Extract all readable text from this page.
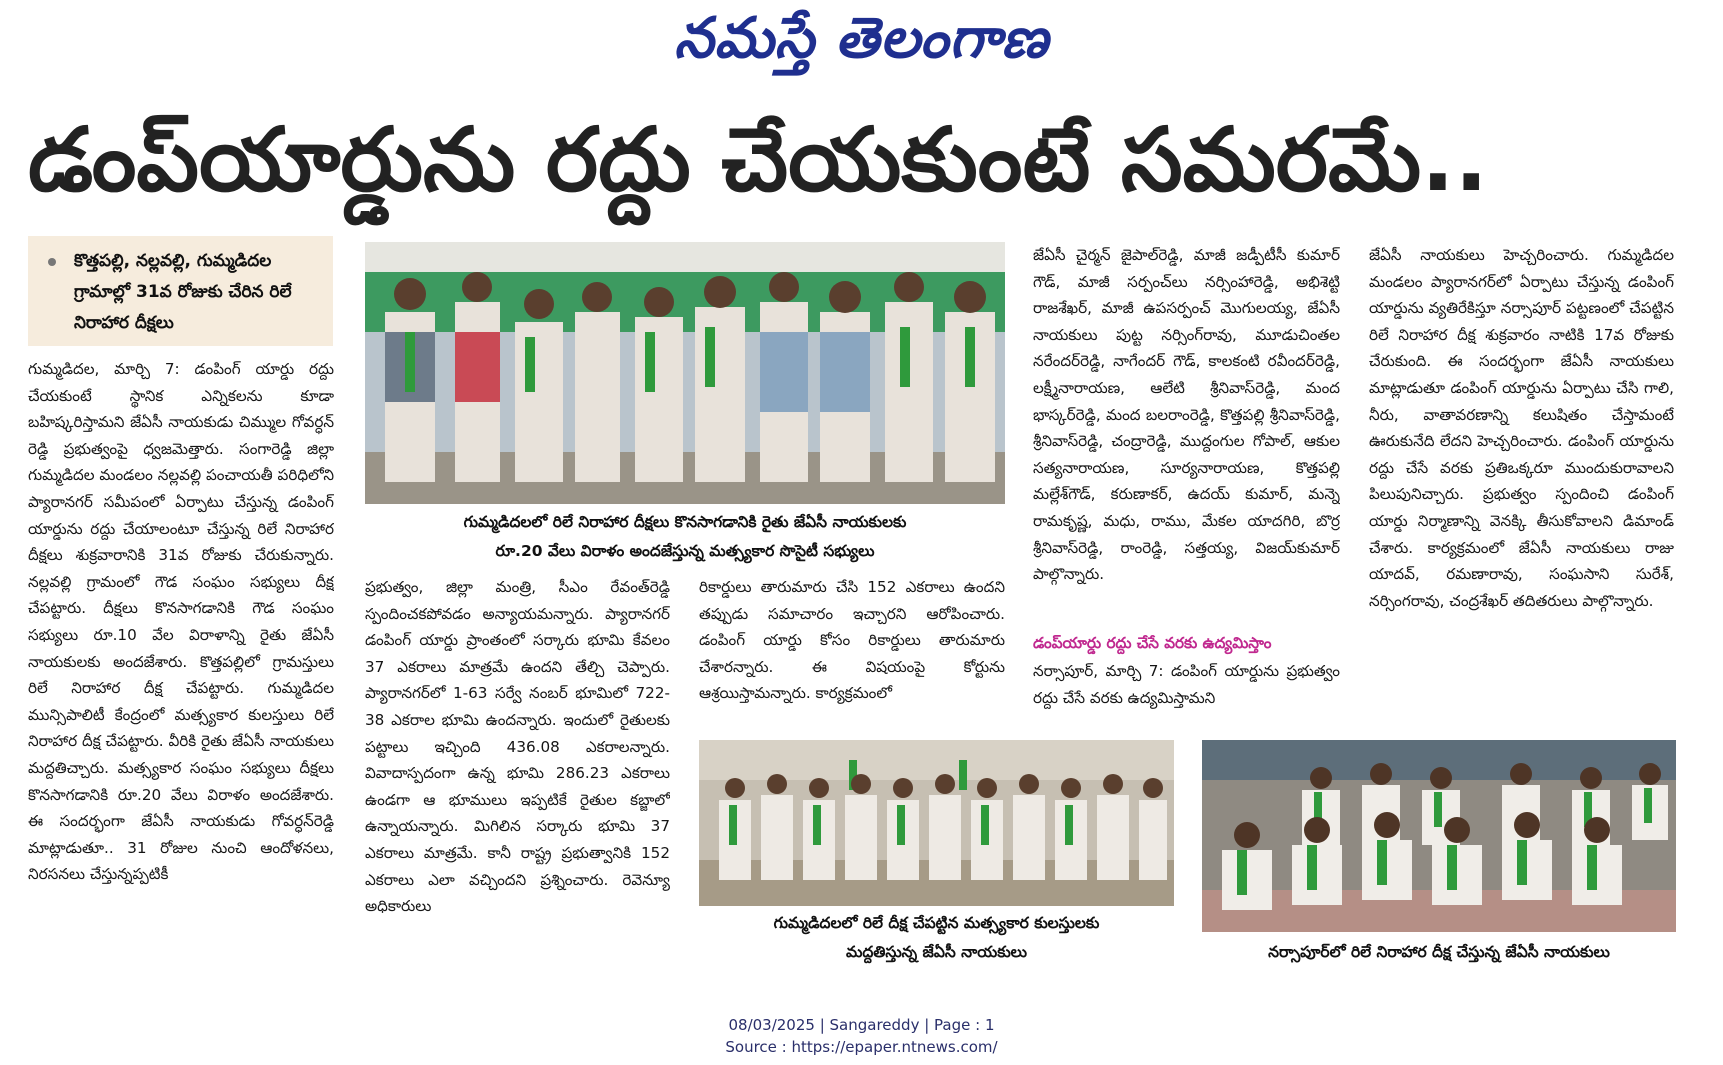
నమస్తే తెలంగాణ
డంప్‌యార్డును రద్దు చేయకుంటే సమరమే..
కొత్తపల్లి, నల్లవల్లి, గుమ్మడిదల గ్రామాల్లో 31వ రోజుకు చేరిన రిలే నిరాహార దీక్షలు

గుమ్మడిదల, మార్చి 7: డంపింగ్ యార్డు రద్దు చేయకుంటే స్థానిక ఎన్నికలను కూడా బహిష్కరిస్తామని జేఏసీ నాయకుడు చిమ్ముల గోవర్ధన్ రెడ్డి ప్రభుత్వంపై ధ్వజమెత్తారు. సంగారెడ్డి జిల్లా గుమ్మడిదల మండలం నల్లవల్లి పంచాయతీ పరిధిలోని ప్యారానగర్ సమీపంలో ఏర్పాటు చేస్తున్న డంపింగ్ యార్డును రద్దు చేయాలంటూ చేస్తున్న రిలే నిరాహార దీక్షలు శుక్రవారానికి 31వ రోజుకు చేరుకున్నారు. నల్లవల్లి గ్రామంలో గౌడ సంఘం సభ్యులు దీక్ష చేపట్టారు. దీక్షలు కొనసాగడానికి గౌడ సంఘం సభ్యులు రూ.10 వేల విరాళాన్ని రైతు జేఏసీ నాయకులకు అందజేశారు. కొత్తపల్లిలో గ్రామస్తులు రిలే నిరాహార దీక్ష చేపట్టారు. గుమ్మడిదల మున్సిపాలిటీ కేంద్రంలో మత్స్యకార కులస్తులు రిలే నిరాహార దీక్ష చేపట్టారు. వీరికి రైతు జేఏసీ నాయకులు మద్దతిచ్చారు. మత్స్యకార సంఘం సభ్యులు దీక్షలు కొనసాగడానికి రూ.20 వేలు విరాళం అందజేశారు. ఈ సందర్భంగా జేఏసీ నాయకుడు గోవర్ధన్‌రెడ్డి మాట్లాడుతూ.. 31 రోజుల నుంచి ఆందోళనలు, నిరసనలు చేస్తున్నప్పటికీ

గుమ్మడిదలలో రిలే నిరాహార దీక్షలు కొనసాగడానికి రైతు జేఏసీ నాయకులకు
రూ.20 వేలు విరాళం అందజేస్తున్న మత్స్యకార సొసైటీ సభ్యులు

ప్రభుత్వం, జిల్లా మంత్రి, సీఎం రేవంత్‌రెడ్డి స్పందించకపోవడం అన్యాయమన్నారు. ప్యారానగర్ డంపింగ్ యార్డు ప్రాంతంలో సర్కారు భూమి కేవలం 37 ఎకరాలు మాత్రమే ఉందని తేల్చి చెప్పారు. ప్యారానగర్‌లో 1-63 సర్వే నంబర్ భూమిలో 722-38 ఎకరాల భూమి ఉందన్నారు. ఇందులో రైతులకు పట్టాలు ఇచ్చింది 436.08 ఎకరాలన్నారు. వివాదాస్పదంగా ఉన్న భూమి 286.23 ఎకరాలు ఉండగా ఆ భూములు ఇప్పటికే రైతుల కబ్జాలో ఉన్నాయన్నారు. మిగిలిన సర్కారు భూమి 37 ఎకరాలు మాత్రమే. కానీ రాష్ట్ర ప్రభుత్వానికి 152 ఎకరాలు ఎలా వచ్చిందని ప్రశ్నించారు. రెవెన్యూ అధికారులు

రికార్డులు తారుమారు చేసి 152 ఎకరాలు ఉందని తప్పుడు సమాచారం ఇచ్చారని ఆరోపించారు. డంపింగ్ యార్డు కోసం రికార్డులు తారుమారు చేశారన్నారు. ఈ విషయంపై కోర్టును ఆశ్రయిస్తామన్నారు. కార్యక్రమంలో

జేఏసీ చైర్మన్ జైపాల్‌రెడ్డి, మాజీ జడ్పీటీసీ కుమార్ గౌడ్, మాజీ సర్పంచ్‌లు నర్సింహారెడ్డి, అభిశెట్టి రాజశేఖర్, మాజీ ఉపసర్పంచ్ మొగులయ్య, జేఏసీ నాయకులు పుట్ట నర్సింగ్‌రావు, మూడుచింతల నరేందర్‌రెడ్డి, నాగేందర్ గౌడ్, కాలకంటి రవీందర్‌రెడ్డి, లక్ష్మీనారాయణ, ఆలేటి శ్రీనివాస్‌రెడ్డి, మంద భాస్కర్‌రెడ్డి, మంద బలరాంరెడ్డి, కొత్తపల్లి శ్రీనివాస్‌రెడ్డి, శ్రీనివాస్‌రెడ్డి, చంద్రారెడ్డి, ముద్దంగుల గోపాల్, ఆకుల సత్యనారాయణ, సూర్యనారాయణ, కొత్తపల్లి మల్లేశ్‌గౌడ్, కరుణాకర్, ఉదయ్ కుమార్, మన్నె రామకృష్ణ, మధు, రాము, మేకల యాదగిరి, బొర్ర శ్రీనివాస్‌రెడ్డి, రాంరెడ్డి, సత్తయ్య, విజయ్‌కుమార్ పాల్గొన్నారు.

డంప్‌యార్డు రద్దు చేసే వరకు ఉద్యమిస్తాం

నర్సాపూర్, మార్చి 7: డంపింగ్ యార్డును ప్రభుత్వం రద్దు చేసే వరకు ఉద్యమిస్తామని

జేఏసీ నాయకులు హెచ్చరించారు. గుమ్మడిదల మండలం ప్యారానగర్‌లో ఏర్పాటు చేస్తున్న డంపింగ్ యార్డును వ్యతిరేకిస్తూ నర్సాపూర్ పట్టణంలో చేపట్టిన రిలే నిరాహార దీక్ష శుక్రవారం నాటికి 17వ రోజుకు చేరుకుంది. ఈ సందర్భంగా జేఏసీ నాయకులు మాట్లాడుతూ డంపింగ్ యార్డును ఏర్పాటు చేసి గాలి, నీరు, వాతావరణాన్ని కలుషితం చేస్తామంటే ఊరుకునేది లేదని హెచ్చరించారు. డంపింగ్ యార్డును రద్దు చేసే వరకు ప్రతిఒక్కరూ ముందుకురావాలని పిలుపునిచ్చారు. ప్రభుత్వం స్పందించి డంపింగ్ యార్డు నిర్మాణాన్ని వెనక్కి తీసుకోవాలని డిమాండ్ చేశారు. కార్యక్రమంలో జేఏసీ నాయకులు రాజు యాదవ్, రమణారావు, సంఘసాని సురేశ్, నర్సింగరావు, చంద్రశేఖర్ తదితరులు పాల్గొన్నారు.

గుమ్మడిదలలో రిలే దీక్ష చేపట్టిన మత్స్యకార కులస్తులకు
మద్దతిస్తున్న జేఏసీ నాయకులు	నర్సాపూర్‌లో రిలే నిరాహార దీక్ష చేస్తున్న జేఏసీ నాయకులు
08/03/2025 | Sangareddy | Page : 1
Source : https://epaper.ntnews.com/
